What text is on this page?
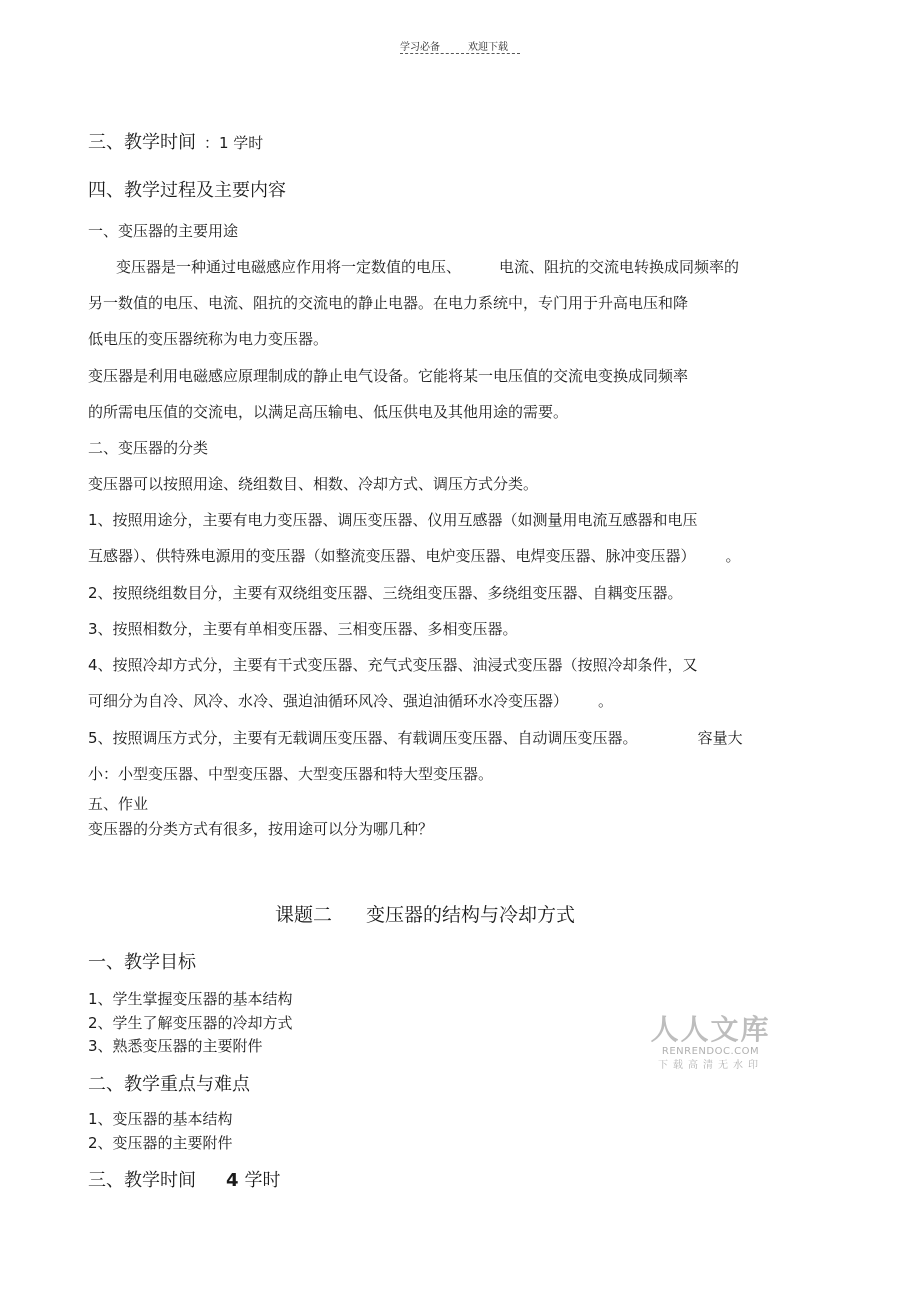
学习必备	欢迎下载
三、教学时间 ：1 学时
四、教学过程及主要内容
一、变压器的主要用途
变压器是一种通过电磁感应作用将一定数值的电压、	电流、阻抗的交流电转换成同频率的
另一数值的电压、电流、阻抗的交流电的静止电器。在电力系统中，专门用于升高电压和降
低电压的变压器统称为电力变压器。
变压器是利用电磁感应原理制成的静止电气设备。它能将某一电压值的交流电变换成同频率
的所需电压值的交流电，以满足高压输电、低压供电及其他用途的需要。
二、变压器的分类
变压器可以按照用途、绕组数目、相数、冷却方式、调压方式分类。
1、按照用途分，主要有电力变压器、调压变压器、仪用互感器（如测量用电流互感器和电压
互感器）、供特殊电源用的变压器（如整流变压器、电炉变压器、电焊变压器、脉冲变压器） 。
2、按照绕组数目分，主要有双绕组变压器、三绕组变压器、多绕组变压器、自耦变压器。
3、按照相数分，主要有单相变压器、三相变压器、多相变压器。
4、按照冷却方式分，主要有干式变压器、充气式变压器、油浸式变压器（按照冷却条件，又
可细分为自冷、风冷、水冷、强迫油循环风冷、强迫油循环水冷变压器） 。
5、按照调压方式分，主要有无载调压变压器、有载调压变压器、自动调压变压器。	容量大
小：小型变压器、中型变压器、大型变压器和特大型变压器。
五、作业
变压器的分类方式有很多，按用途可以分为哪几种？
课题二 变压器的结构与冷却方式
一、教学目标
1、学生掌握变压器的基本结构
2、学生了解变压器的冷却方式
3、熟悉变压器的主要附件
二、教学重点与难点
1、变压器的基本结构
2、变压器的主要附件
三、教学时间 4 学时
人人文库
RENRENDOC.COM
下载高清无水印
